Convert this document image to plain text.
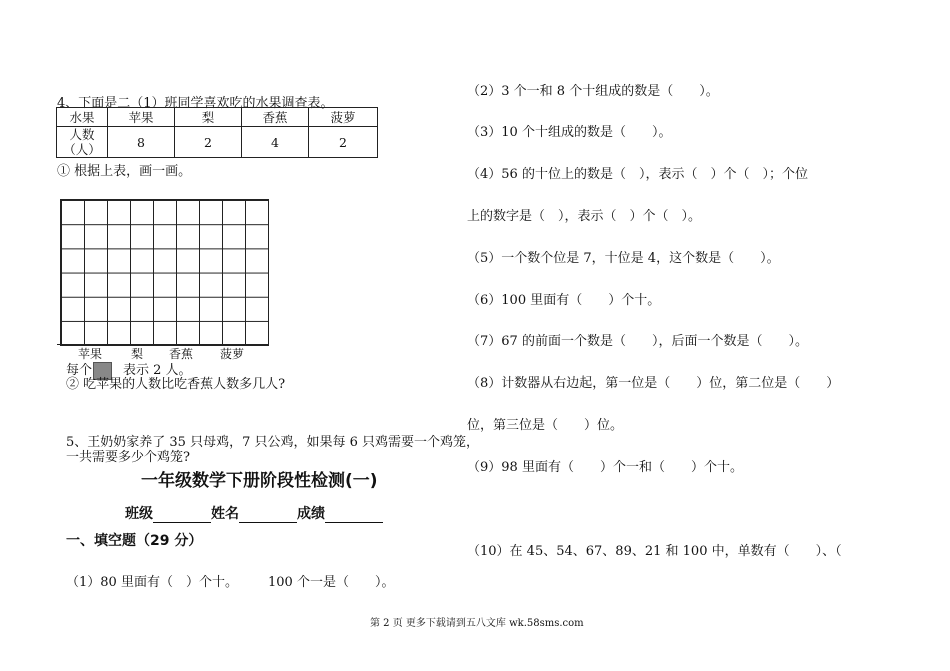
4、下面是二（1）班同学喜欢吃的水果调查表。
水果	苹果	梨	香蕉	菠萝
人数
（人）	8	2	4	2
① 根据上表，画一画。
苹果 梨 香蕉 菠萝
每个 表示 2 人。
② 吃苹果的人数比吃香蕉人数多几人?
5、王奶奶家养了 35 只母鸡，7 只公鸡，如果每 6 只鸡需要一个鸡笼，
一共需要多少个鸡笼?
一年级数学下册阶段性检测(一)
班级	姓名	成绩
一、填空题（29 分）
（1）80 里面有（　）个十。 100 个一是（　　）。
（2）3 个一和 8 个十组成的数是（　　）。
（3）10 个十组成的数是（　　）。
（4）56 的十位上的数是（　），表示（　）个（　）；个位
上的数字是（　），表示（　）个（　）。
（5）一个数个位是 7，十位是 4，这个数是（　　）。
（6）100 里面有（　　）个十。
（7）67 的前面一个数是（　　），后面一个数是（　　）。
（8）计数器从右边起，第一位是（　　）位，第二位是（　　）
位，第三位是（　　）位。
（9）98 里面有（　　）个一和（　　）个十。
（10）在 45、54、67、89、21 和 100 中，单数有（　　）、（
第 2 页 更多下载请到五八文库 wk.58sms.com
